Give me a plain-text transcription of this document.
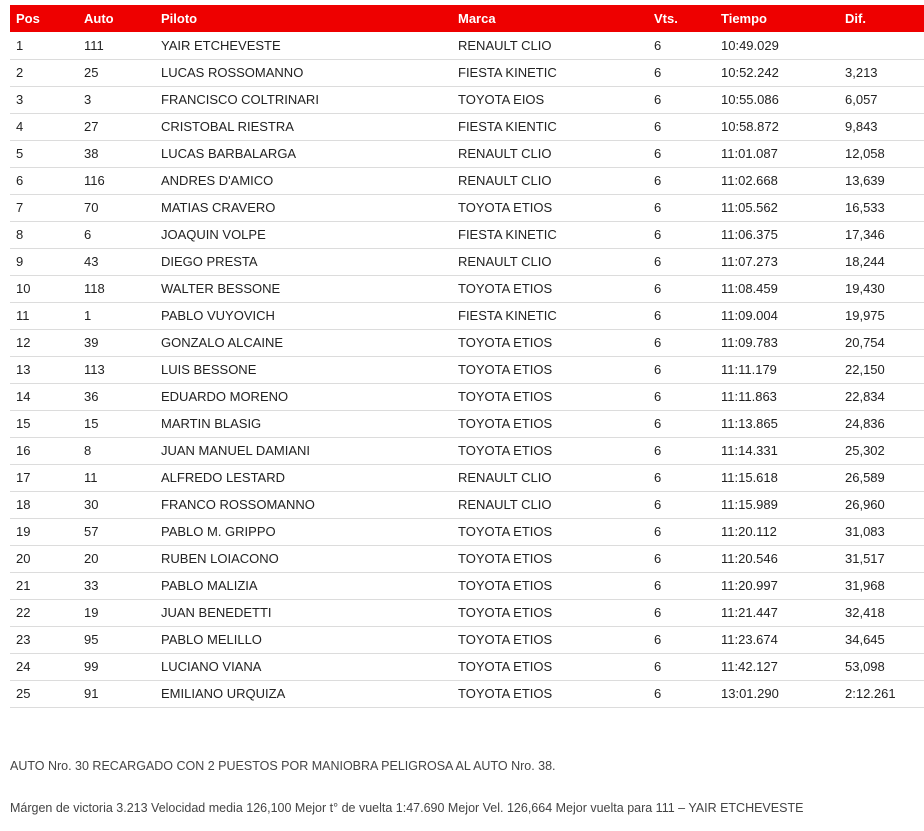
Pos	Auto	Piloto	Marca	Vts.	Tiempo	Dif.
1	111	YAIR ETCHEVESTE	RENAULT CLIO	6	10:49.029	
2	25	LUCAS ROSSOMANNO	FIESTA KINETIC	6	10:52.242	3,213
3	3	FRANCISCO COLTRINARI	TOYOTA EIOS	6	10:55.086	6,057
4	27	CRISTOBAL RIESTRA	FIESTA KIENTIC	6	10:58.872	9,843
5	38	LUCAS BARBALARGA	RENAULT CLIO	6	11:01.087	12,058
6	116	ANDRES D'AMICO	RENAULT CLIO	6	11:02.668	13,639
7	70	MATIAS CRAVERO	TOYOTA ETIOS	6	11:05.562	16,533
8	6	JOAQUIN VOLPE	FIESTA KINETIC	6	11:06.375	17,346
9	43	DIEGO PRESTA	RENAULT CLIO	6	11:07.273	18,244
10	118	WALTER BESSONE	TOYOTA ETIOS	6	11:08.459	19,430
11	1	PABLO VUYOVICH	FIESTA KINETIC	6	11:09.004	19,975
12	39	GONZALO ALCAINE	TOYOTA ETIOS	6	11:09.783	20,754
13	113	LUIS BESSONE	TOYOTA ETIOS	6	11:11.179	22,150
14	36	EDUARDO MORENO	TOYOTA ETIOS	6	11:11.863	22,834
15	15	MARTIN BLASIG	TOYOTA ETIOS	6	11:13.865	24,836
16	8	JUAN MANUEL DAMIANI	TOYOTA ETIOS	6	11:14.331	25,302
17	11	ALFREDO LESTARD	RENAULT CLIO	6	11:15.618	26,589
18	30	FRANCO ROSSOMANNO	RENAULT CLIO	6	11:15.989	26,960
19	57	PABLO M. GRIPPO	TOYOTA ETIOS	6	11:20.112	31,083
20	20	RUBEN LOIACONO	TOYOTA ETIOS	6	11:20.546	31,517
21	33	PABLO MALIZIA	TOYOTA ETIOS	6	11:20.997	31,968
22	19	JUAN BENEDETTI	TOYOTA ETIOS	6	11:21.447	32,418
23	95	PABLO MELILLO	TOYOTA ETIOS	6	11:23.674	34,645
24	99	LUCIANO VIANA	TOYOTA ETIOS	6	11:42.127	53,098
25	91	EMILIANO URQUIZA	TOYOTA ETIOS	6	13:01.290	2:12.261
AUTO Nro. 30 RECARGADO CON 2 PUESTOS POR MANIOBRA PELIGROSA AL AUTO Nro. 38.
Márgen de victoria 3.213 Velocidad media 126,100 Mejor t° de vuelta 1:47.690 Mejor Vel. 126,664 Mejor vuelta para 111 – YAIR ETCHEVESTE
